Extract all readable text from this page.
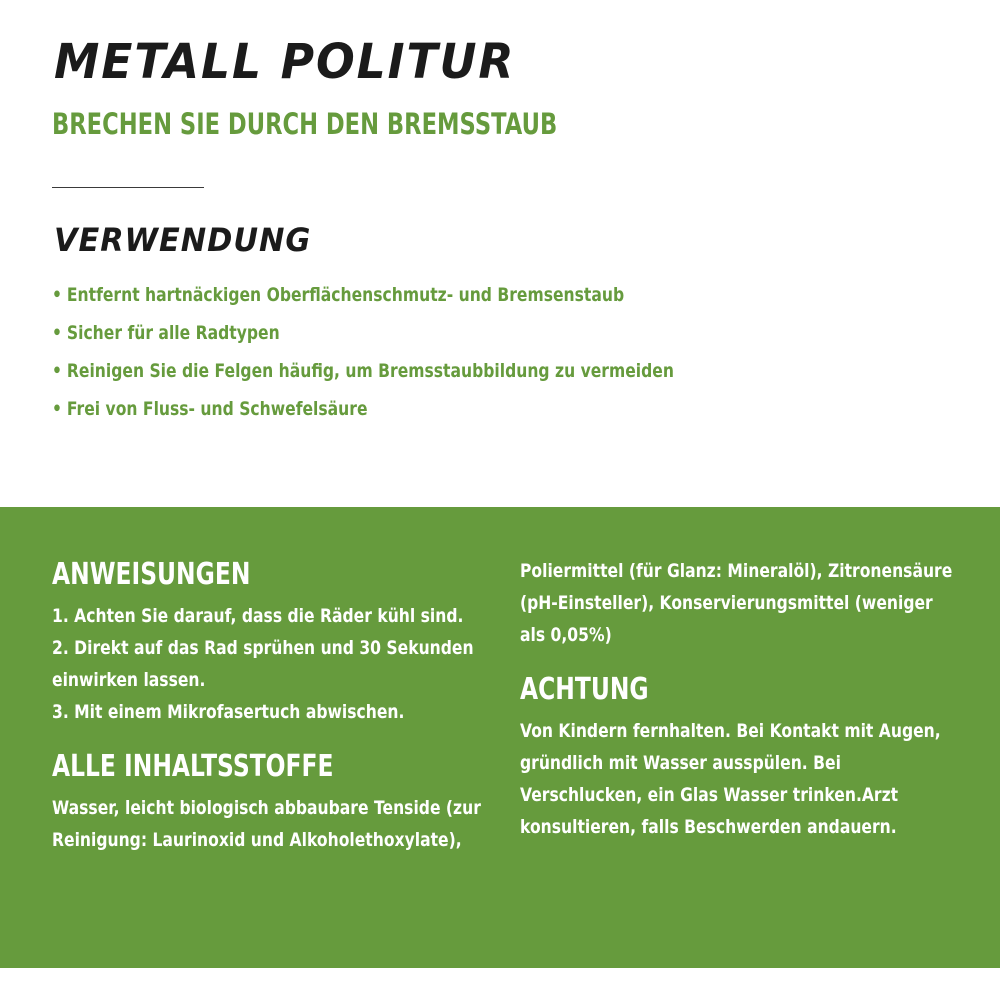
METALL POLITUR
BRECHEN SIE DURCH DEN BREMSSTAUB
VERWENDUNG
• Entfernt hartnäckigen Oberflächenschmutz- und Bremsenstaub
• Sicher für alle Radtypen
• Reinigen Sie die Felgen häufig, um Bremsstaubbildung zu vermeiden
• Frei von Fluss- und Schwefelsäure
ANWEISUNGEN
1. Achten Sie darauf, dass die Räder kühl sind.
2. Direkt auf das Rad sprühen und 30 Sekunden
einwirken lassen.
3. Mit einem Mikrofasertuch abwischen.
ALLE INHALTSSTOFFE
Wasser, leicht biologisch abbaubare Tenside (zur
Reinigung: Laurinoxid und Alkoholethoxylate),
Poliermittel (für Glanz: Mineralöl), Zitronensäure
(pH-Einsteller), Konservierungsmittel (weniger
als 0,05%)
ACHTUNG
Von Kindern fernhalten. Bei Kontakt mit Augen,
gründlich mit Wasser ausspülen. Bei
Verschlucken, ein Glas Wasser trinken.Arzt
konsultieren, falls Beschwerden andauern.
